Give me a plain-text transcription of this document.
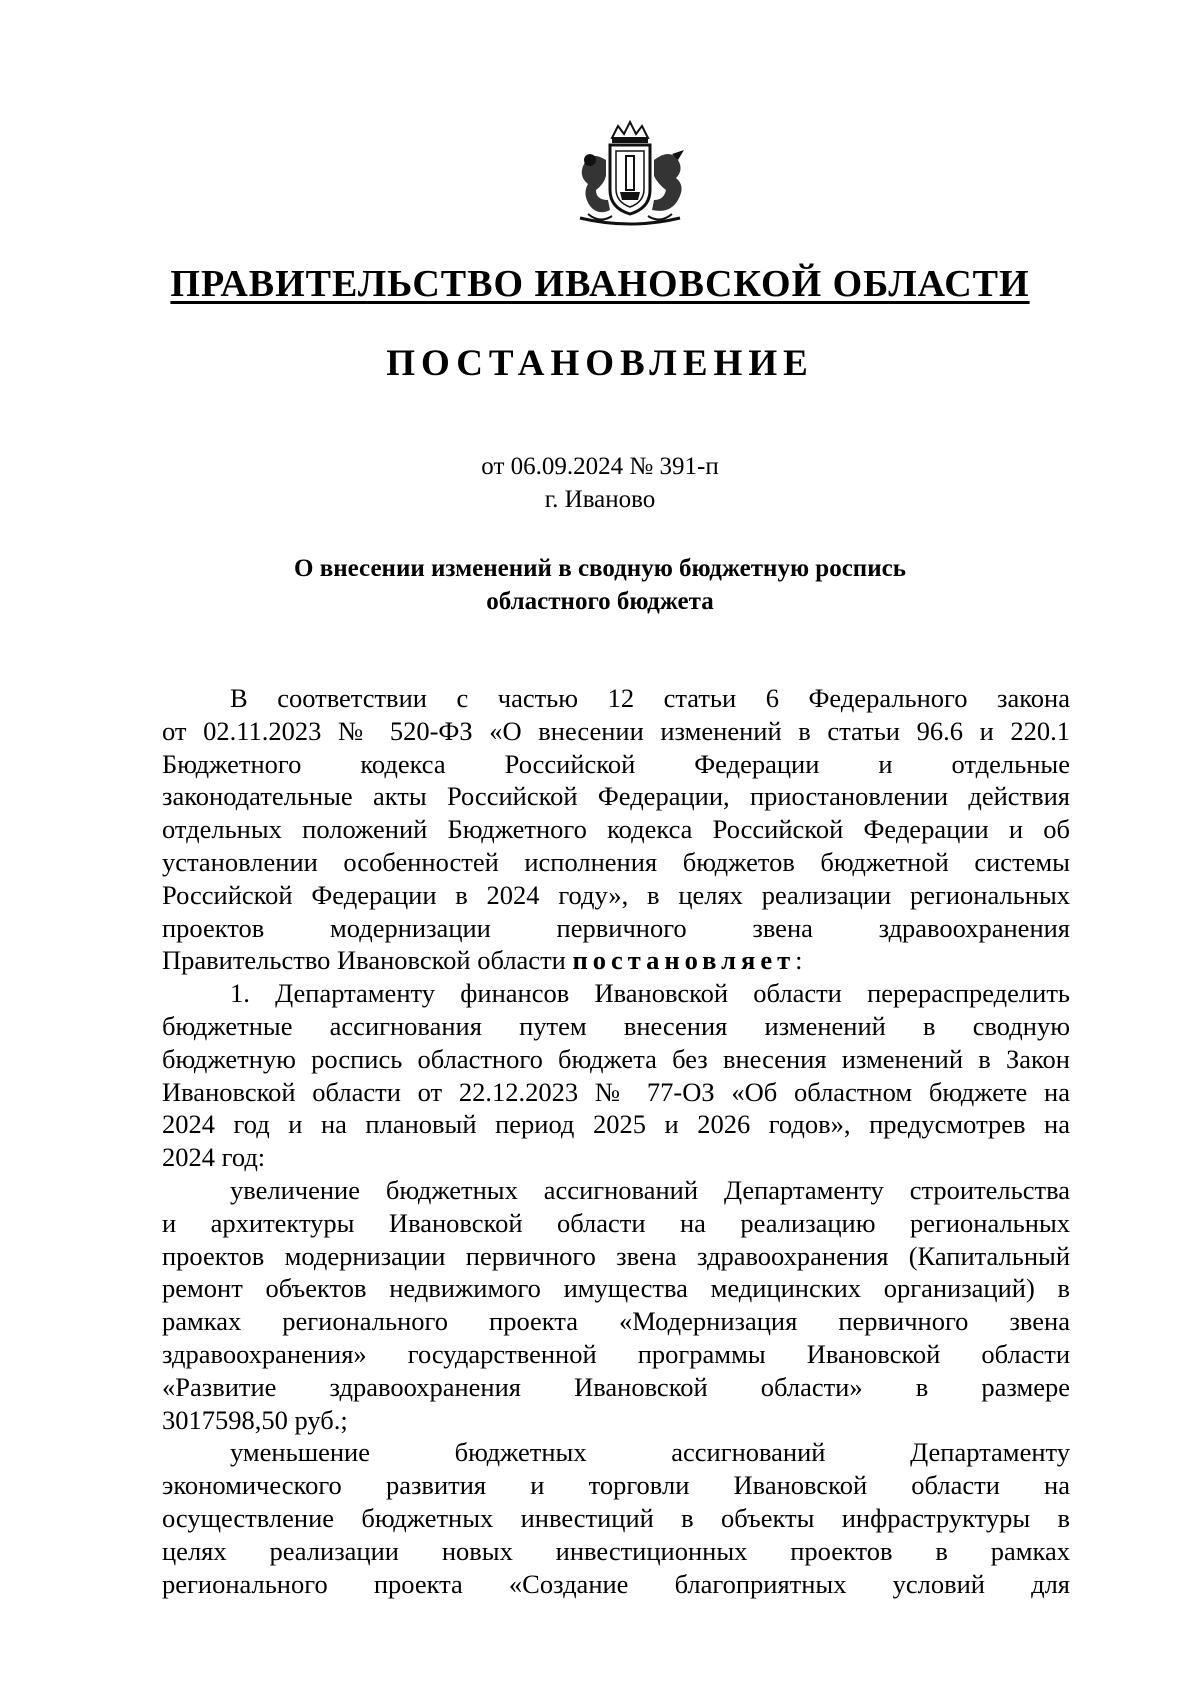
ПРАВИТЕЛЬСТВО ИВАНОВСКОЙ ОБЛАСТИ
ПОСТАНОВЛЕНИЕ
от 06.09.2024 № 391-п
г. Иваново
О внесении изменений в сводную бюджетную роспись
областного бюджета
В соответствии с частью 12 статьи 6 Федерального закона
от 02.11.2023 № 520-ФЗ «О внесении изменений в статьи 96.6 и 220.1
Бюджетного кодекса Российской Федерации и отдельные
законодательные акты Российской Федерации, приостановлении действия
отдельных положений Бюджетного кодекса Российской Федерации и об
установлении особенностей исполнения бюджетов бюджетной системы
Российской Федерации в 2024 году», в целях реализации региональных
проектов модернизации первичного звена здравоохранения
Правительство Ивановской области постановляет:
1. Департаменту финансов Ивановской области перераспределить
бюджетные ассигнования путем внесения изменений в сводную
бюджетную роспись областного бюджета без внесения изменений в Закон
Ивановской области от 22.12.2023 № 77-ОЗ «Об областном бюджете на
2024 год и на плановый период 2025 и 2026 годов», предусмотрев на
2024 год:
увеличение бюджетных ассигнований Департаменту строительства
и архитектуры Ивановской области на реализацию региональных
проектов модернизации первичного звена здравоохранения (Капитальный
ремонт объектов недвижимого имущества медицинских организаций) в
рамках регионального проекта «Модернизация первичного звена
здравоохранения» государственной программы Ивановской области
«Развитие здравоохранения Ивановской области» в размере
3017598,50 руб.;
уменьшение бюджетных ассигнований Департаменту
экономического развития и торговли Ивановской области на
осуществление бюджетных инвестиций в объекты инфраструктуры в
целях реализации новых инвестиционных проектов в рамках
регионального проекта «Создание благоприятных условий для
